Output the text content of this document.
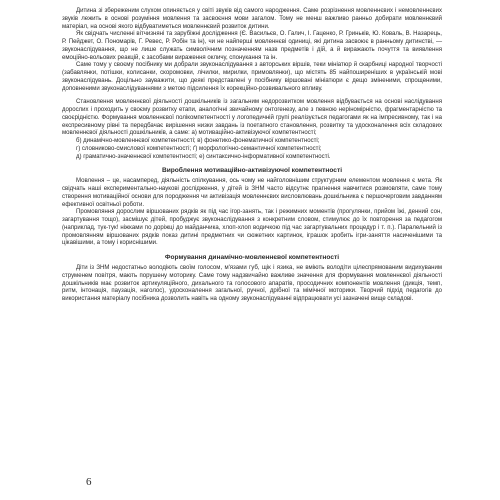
Дитина зі збереженим слухом опиняється у світі звуків від самого народження. Саме розрізнення мовленнєвих і немовленнєвих звуків лежить в основі розуміння мовлення та засвоєння мови загалом. Тому не менш важливо ранньо добирати мовленнєвий матеріал, на основі якого відбуватиметься мовленнєвий розвиток дитини.

Як свідчать численні вітчизняні та зарубіжні дослідження (Є. Васильєв, О. Галич, І. Гаценко, Р. Гриньків, Ю. Коваль, В. Назарець, Р. Пейджет, О. Пономарів, Г. Ревес, Р. Робін та ін), чи не найперші мовленнєві одиниці, які дитина засвоює в ранньому дитинстві, — звуконаслідування, що не лише служать символічним позначенням назв предметів і дій, а й виражають почуття та виявлення емоційно-вольових реакцій, є засобами вираження окличу, спонукання та ін.

Саме тому у своєму посібнику ми добрали звуконаслідування з авторських віршів, теки мініатюр й скарбниці народної творчості (забавлянки, потішки, колисанки, скоромовки, лічилки, мирилки, примовлянки), що містять 85 найпоширеніших в українській мові звуконаслідувань. Доцільно зауважити, що деякі представлені у посібнику віршовані мініатюри є дещо зміненими, спрощеними, доповненими звуконаслідуваннями з метою підсилення їх корекційно-розвивального впливу.

Становлення мовленнєвої діяльності дошкільників із загальним недорозвитком мовлення відбувається на основі наслідування дорослих і проходить у своєму розвитку етапи, аналогічні звичайному онтогенезу, але з певною неріномірністю, фрагментарністю та своєрідністю. Формування мовленнєвої полікомпетентності у логопедичній групі реалізується педагогами як на імпресивному, так і на експресивному рівні та передбачає вирішення низки завдань із поетапного становлення, розвитку та удосконалення всіх складових мовленнєвої діяльності дошкільників, а саме: а) мотиваційно-активізуючої компетентності;

б) динамічно-мовленнєвої компетентності; в) фонетико-фонематичної компетентності;
г) словниково-смислової компетентності; ґ) морфологічно-семантичної компетентності;
д) граматично-значеннєвої компетентності; е) синтаксично-інформативної компетентності.

Вироблення мотиваційно-активізуючої компетентності

Мовлення – це, насамперед, діяльність спілкування, ось чому не найголовнішим структурним елементом мовлення є мета. Як свідчать наші експериментально-наукові дослідження, у дітей із ЗНМ часто відсутнє прагнення навчитися розмовляти, саме тому створення мотиваційної основи для породження чи активізація мовленнєвих висловлювань дошкільника є першочерговим завданням ефективної освітньої роботи.

Промовляння дорослим віршованих рядків як під час ігор-занять, так і режимних моментів (прогулянки, прийом їжі, денний сон, загартування тощо), засмішує дітей, пробуджує звуконаслідування з конкретним словом, стимулює до їх повторення за педагогом (наприклад, тук-тук! ніжками по доріжці до майданчика, хлоп-хлоп водичкою під час загартувальних процедур і т. п.). Паралельний із промовлянням віршованих рядків показ дитині предметних чи сюжетних картинок, іграшок зробить ігри-заняття насиченішими та цікавішими, а тому і корисніш​ими.

Формування динамічно-мовленнєвої компетентності

Діти із ЗНМ недостатньо володіють своїм голосом, м'язами губ, щік і язика, не вміють володіти цілеспрямованим видихуваним струменем повітря, мають порушену моторику. Саме тому надзвичайно важливе значення для формування мовленнєвої діяльності дошкільників має розвиток артикуляційного, дихального та голосового апаратів, просодичних компонентів мовлення (дикція, темп, ритм, інтонація, паузація, наголос), удосконалення загальної, ручної, дрібної та мімічної моторики. Творчий підхід педагогів до використання матеріалу посібника дозволить навіть на одному звуконаслідуванні відпрацювати усі зазначені вище складові.

6
